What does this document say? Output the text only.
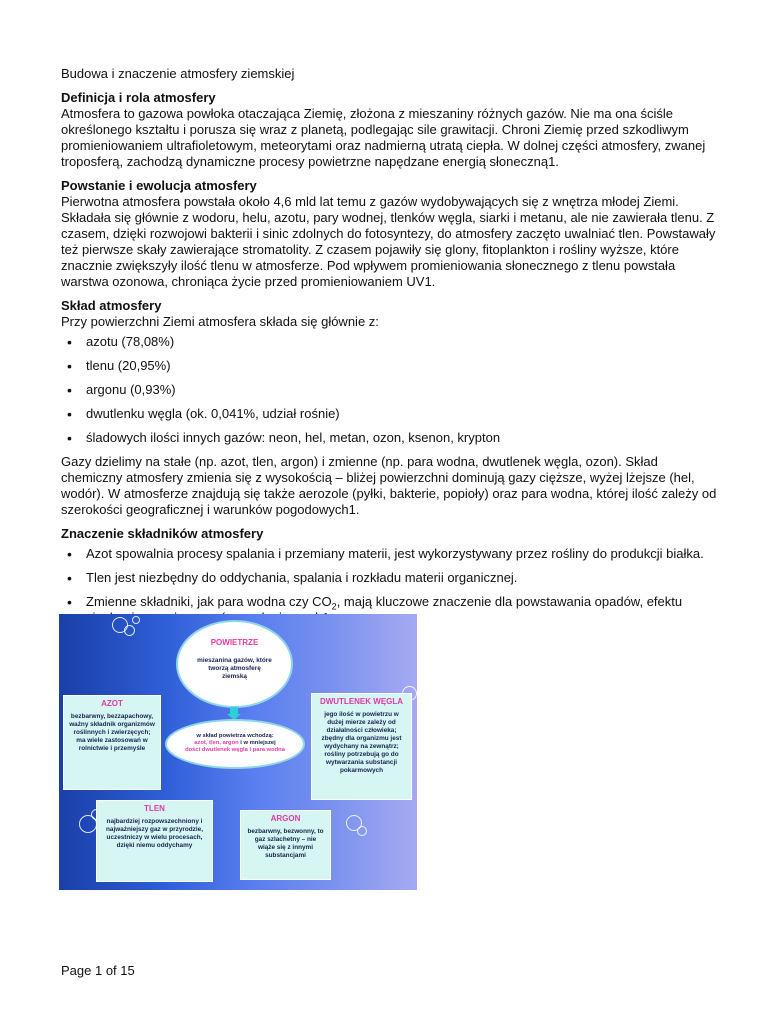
Budowa i znaczenie atmosfery ziemskiej

Definicja i rola atmosfery

Atmosfera to gazowa powłoka otaczająca Ziemię, złożona z mieszaniny różnych gazów. Nie ma ona ściśle określonego kształtu i porusza się wraz z planetą, podlegając sile grawitacji. Chroni Ziemię przed szkodliwym promieniowaniem ultrafioletowym, meteorytami oraz nadmierną utratą ciepła. W dolnej części atmosfery, zwanej troposferą, zachodzą dynamiczne procesy powietrzne napędzane energią słoneczną1.

Powstanie i ewolucja atmosfery

Pierwotna atmosfera powstała około 4,6 mld lat temu z gazów wydobywających się z wnętrza młodej Ziemi. Składała się głównie z wodoru, helu, azotu, pary wodnej, tlenków węgla, siarki i metanu, ale nie zawierała tlenu. Z czasem, dzięki rozwojowi bakterii i sinic zdolnych do fotosyntezy, do atmosfery zaczęto uwalniać tlen. Powstawały też pierwsze skały zawierające stromatolity. Z czasem pojawiły się glony, fitoplankton i rośliny wyższe, które znacznie zwiększyły ilość tlenu w atmosferze. Pod wpływem promieniowania słonecznego z tlenu powstała warstwa ozonowa, chroniąca życie przed promieniowaniem UV1.

Skład atmosfery

Przy powierzchni Ziemi atmosfera składa się głównie z:

• azotu (78,08%)
• tlenu (20,95%)
• argonu (0,93%)
• dwutlenku węgla (ok. 0,041%, udział rośnie)
• śladowych ilości innych gazów: neon, hel, metan, ozon, ksenon, krypton

Gazy dzielimy na stałe (np. azot, tlen, argon) i zmienne (np. para wodna, dwutlenek węgla, ozon). Skład chemiczny atmosfery zmienia się z wysokością – bliżej powierzchni dominują gazy cięższe, wyżej lżejsze (hel, wodór). W atmosferze znajdują się także aerozole (pyłki, bakterie, popioły) oraz para wodna, której ilość zależy od szerokości geograficznej i warunków pogodowych1.

Znaczenie składników atmosfery

• Azot spowalnia procesy spalania i przemiany materii, jest wykorzystywany przez rośliny do produkcji białka.
• Tlen jest niezbędny do oddychania, spalania i rozkładu materii organicznej.
• Zmienne składniki, jak para wodna czy $CO_2$, mają kluczowe znaczenie dla powstawania opadów, efektu
POWIETRZE
mieszanina gazów, które tworzą atmosferę ziemską
w skład powietrza wchodzą:
azot, tlen, argon i w mniejszej
dości dwutlenek węgla i para wodna
AZOT
bezbarwny, bezzapachowy, ważny składnik organizmów roślinnych i zwierzęcych; ma wiele zastosowań w rolnictwie i przemyśle
DWUTLENEK WĘGLA
jego ilość w powietrzu w dużej mierze zależy od działalności człowieka; zbędny dla organizmu jest wydychany na zewnątrz; rośliny potrzebują go do wytwarzania substancji pokarmowych
TLEN
najbardziej rozpowszechniony i najważniejszy gaz w przyrodzie, uczestniczy w wielu procesach, dzięki niemu oddychamy
ARGON
bezbarwny, bezwonny, to gaz szlachetny – nie wiąże się z innymi substancjami
Page 1 of 15
